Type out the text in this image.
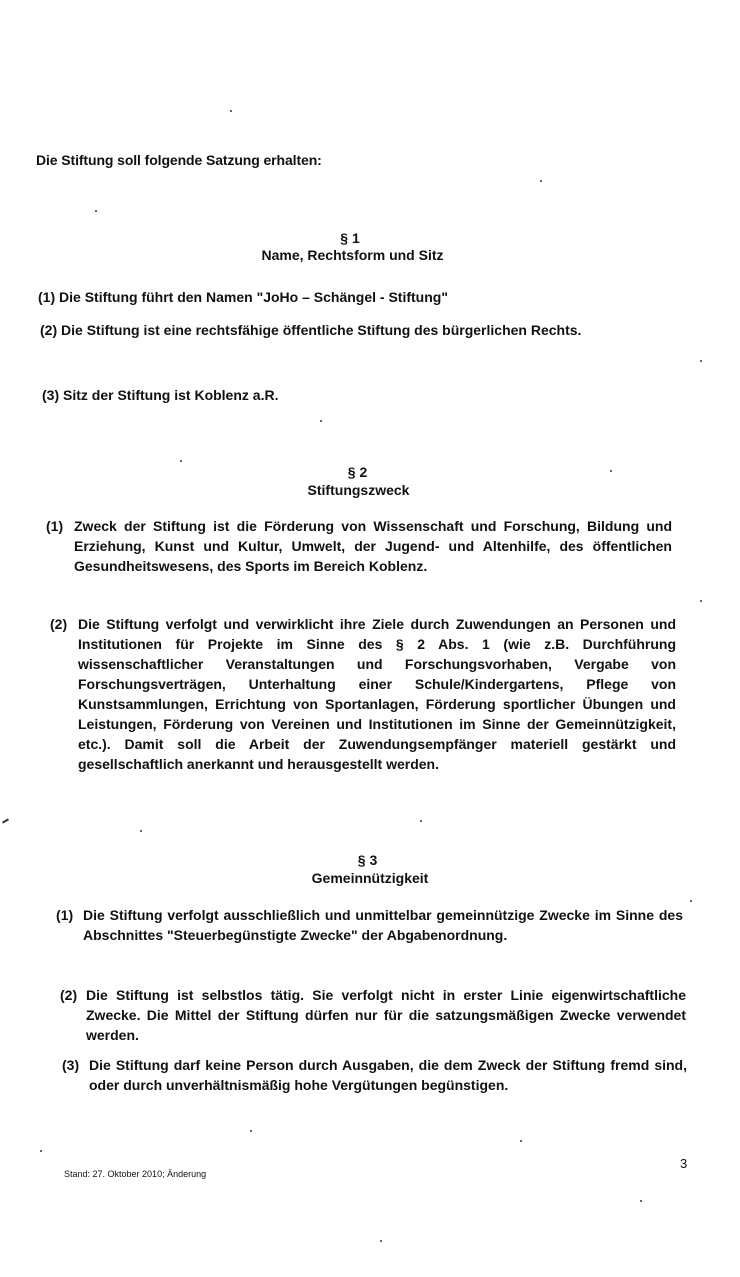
Die Stiftung soll folgende Satzung erhalten:
§ 1
Name, Rechtsform und Sitz
(1) Die Stiftung führt den Namen "JoHo – Schängel - Stiftung"
(2) Die Stiftung ist eine rechtsfähige öffentliche Stiftung des bürgerlichen Rechts.
(3) Sitz der Stiftung ist Koblenz a.R.
§ 2
Stiftungszweck
(1) Zweck der Stiftung ist die Förderung von Wissenschaft und Forschung, Bildung und Erziehung, Kunst und Kultur, Umwelt, der Jugend- und Altenhilfe, des öffentlichen Gesundheitswesens, des Sports im Bereich Koblenz.
(2) Die Stiftung verfolgt und verwirklicht ihre Ziele durch Zuwendungen an Personen und Institutionen für Projekte im Sinne des § 2 Abs. 1 (wie z.B. Durchführung wissenschaftlicher Veranstaltungen und Forschungsvorhaben, Vergabe von Forschungsverträgen, Unterhaltung einer Schule/Kindergartens, Pflege von Kunstsammlungen, Errichtung von Sportanlagen, Förderung sportlicher Übungen und Leistungen, Förderung von Vereinen und Institutionen im Sinne der Gemeinnützigkeit, etc.). Damit soll die Arbeit der Zuwendungsempfänger materiell gestärkt und gesellschaftlich anerkannt und herausgestellt werden.
§ 3
Gemeinnützigkeit
(1) Die Stiftung verfolgt ausschließlich und unmittelbar gemeinnützige Zwecke im Sinne des Abschnittes "Steuerbegünstigte Zwecke" der Abgabenordnung.
(2) Die Stiftung ist selbstlos tätig. Sie verfolgt nicht in erster Linie eigenwirtschaftliche Zwecke. Die Mittel der Stiftung dürfen nur für die satzungsmäßigen Zwecke verwendet werden.
(3) Die Stiftung darf keine Person durch Ausgaben, die dem Zweck der Stiftung fremd sind, oder durch unverhältnismäßig hohe Vergütungen begünstigen.
Stand: 27. Oktober 2010; Änderung
3
